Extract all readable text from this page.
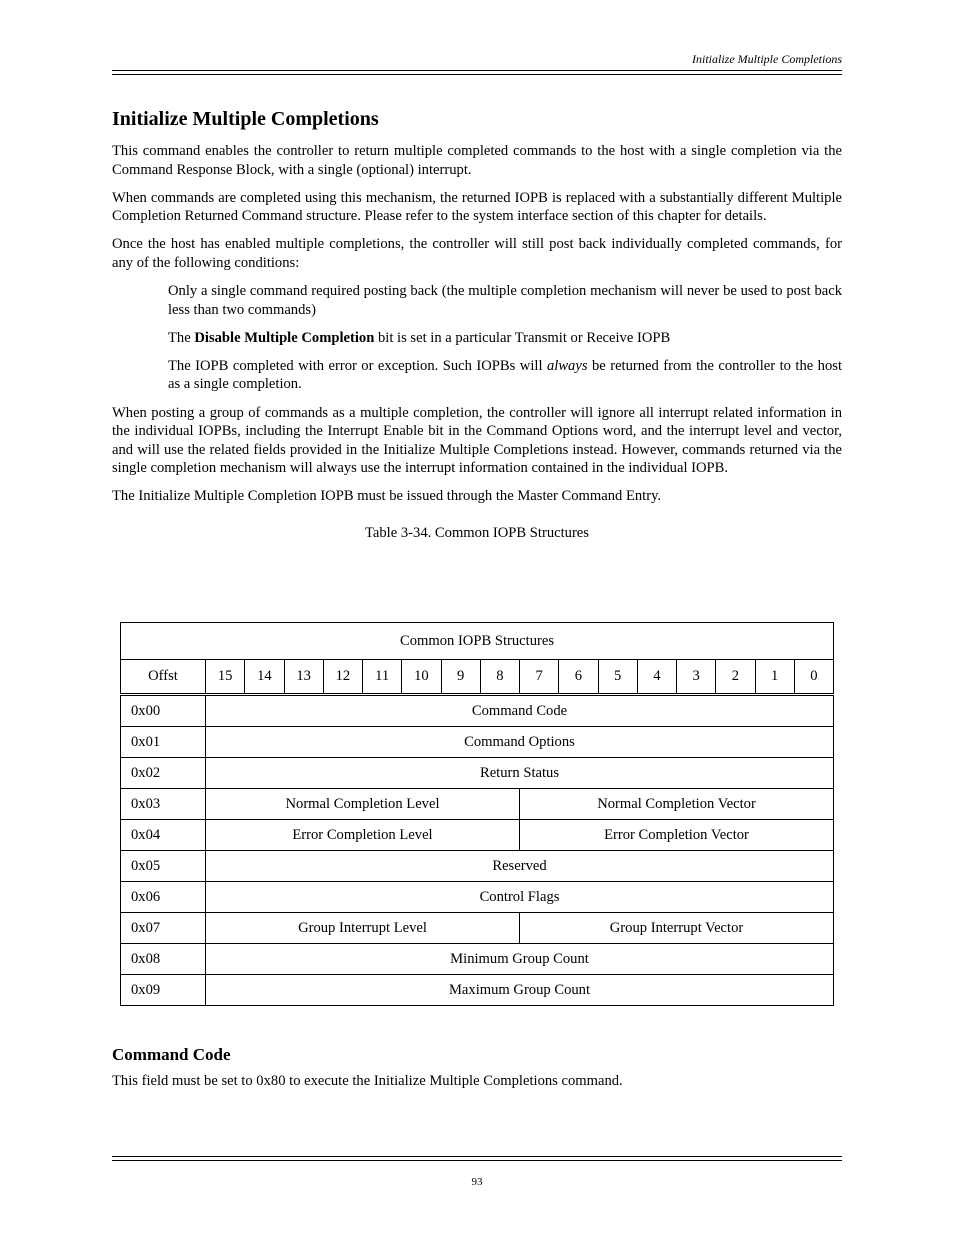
Initialize Multiple Completions
Initialize Multiple Completions

This command enables the controller to return multiple completed commands to the host with a single completion via the Command Response Block, with a single (optional) interrupt.

When commands are completed using this mechanism, the returned IOPB is replaced with a substantially different Multiple Completion Returned Command structure. Please refer to the system interface section of this chapter for details.

Once the host has enabled multiple completions, the controller will still post back individually completed commands, for any of the following conditions:

Only a single command required posting back (the multiple completion mechanism will never be used to post back less than two commands)

The Disable Multiple Completion bit is set in a particular Transmit or Receive IOPB

The IOPB completed with error or exception. Such IOPBs will always be returned from the controller to the host as a single completion.

When posting a group of commands as a multiple completion, the controller will ignore all interrupt related information in the individual IOPBs, including the Interrupt Enable bit in the Command Options word, and the interrupt level and vector, and will use the related fields provided in the Initialize Multiple Completions instead. However, commands returned via the single completion mechanism will always use the interrupt information contained in the individual IOPB.

The Initialize Multiple Completion IOPB must be issued through the Master Command Entry.

Table 3-34. Common IOPB Structures
Common IOPB Structures																
Offst	15	14	13	12	11	10	9	8	7	6	5	4	3	2	1	0
0x00	Command Code															
0x01	Command Options															
0x02	Return Status															
0x03	Normal Completion Level								Normal Completion Vector							
0x04	Error Completion Level								Error Completion Vector							
0x05	Reserved															
0x06	Control Flags															
0x07	Group Interrupt Level								Group Interrupt Vector							
0x08	Minimum Group Count															
0x09	Maximum Group Count															
Command Code

This field must be set to 0x80 to execute the Initialize Multiple Completions command.

93
